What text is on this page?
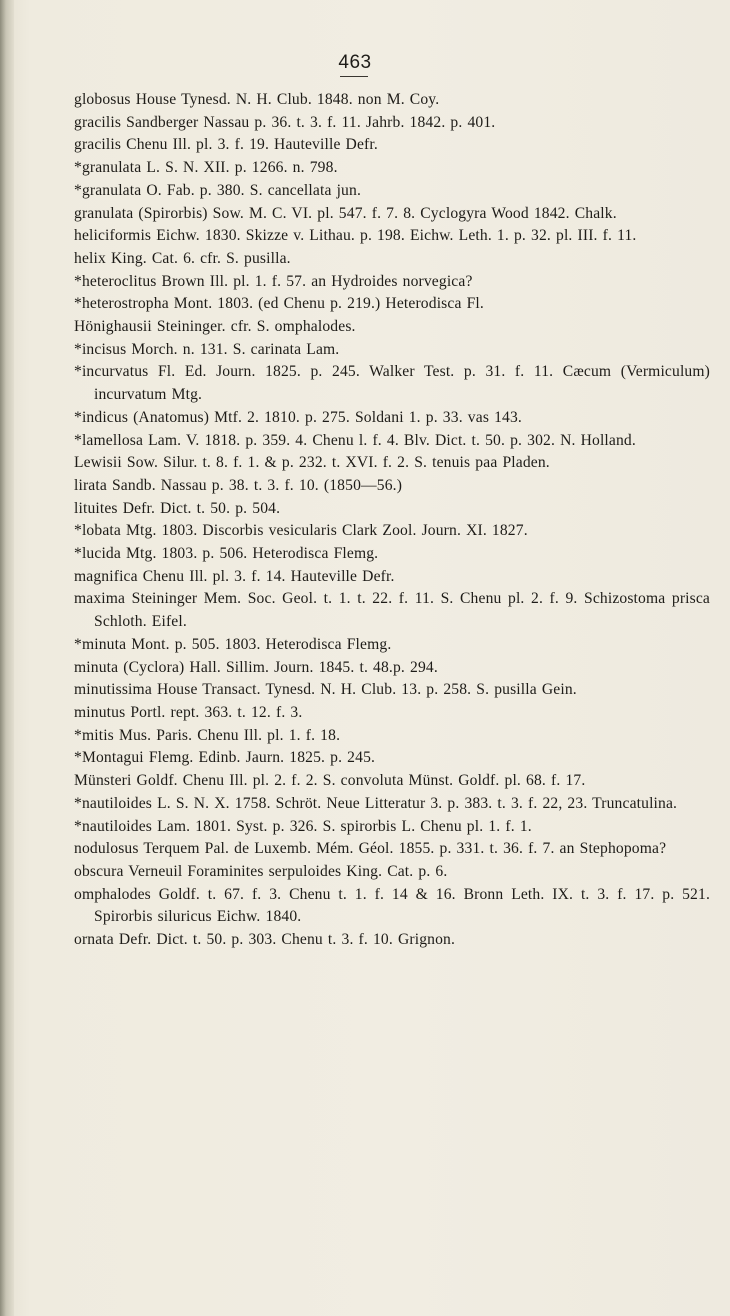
463
globosus House Tynesd. N. H. Club. 1848. non M. Coy.
gracilis Sandberger Nassau p. 36. t. 3. f. 11. Jahrb. 1842. p. 401.
gracilis Chenu Ill. pl. 3. f. 19. Hauteville Defr.
*granulata L. S. N. XII. p. 1266. n. 798.
*granulata O. Fab. p. 380. S. cancellata jun.
granulata (Spirorbis) Sow. M. C. VI. pl. 547. f. 7. 8. Cyclogyra Wood 1842. Chalk.
heliciformis Eichw. 1830. Skizze v. Lithau. p. 198. Eichw. Leth. 1. p. 32. pl. III. f. 11.
helix King. Cat. 6. cfr. S. pusilla.
*heteroclitus Brown Ill. pl. 1. f. 57. an Hydroides norvegica?
*heterostropha Mont. 1803. (ed Chenu p. 219.) Heterodisca Fl.
Hönighausii Steininger. cfr. S. omphalodes.
*incisus Morch. n. 131. S. carinata Lam.
*incurvatus Fl. Ed. Journ. 1825. p. 245. Walker Test. p. 31. f. 11. Cæcum (Vermiculum) incurvatum Mtg.
*indicus (Anatomus) Mtf. 2. 1810. p. 275. Soldani 1. p. 33. vas 143.
*lamellosa Lam. V. 1818. p. 359. 4. Chenu l. f. 4. Blv. Dict. t. 50. p. 302. N. Holland.
Lewisii Sow. Silur. t. 8. f. 1. & p. 232. t. XVI. f. 2. S. tenuis paa Pladen.
lirata Sandb. Nassau p. 38. t. 3. f. 10. (1850—56.)
lituites Defr. Dict. t. 50. p. 504.
*lobata Mtg. 1803. Discorbis vesicularis Clark Zool. Journ. XI. 1827.
*lucida Mtg. 1803. p. 506. Heterodisca Flemg.
magnifica Chenu Ill. pl. 3. f. 14. Hauteville Defr.
maxima Steininger Mem. Soc. Geol. t. 1. t. 22. f. 11. S. Chenu pl. 2. f. 9. Schizostoma prisca Schloth. Eifel.
*minuta Mont. p. 505. 1803. Heterodisca Flemg.
minuta (Cyclora) Hall. Sillim. Journ. 1845. t. 48.p. 294.
minutissima House Transact. Tynesd. N. H. Club. 13. p. 258. S. pusilla Gein.
minutus Portl. rept. 363. t. 12. f. 3.
*mitis Mus. Paris. Chenu Ill. pl. 1. f. 18.
*Montagui Flemg. Edinb. Jaurn. 1825. p. 245.
Münsteri Goldf. Chenu Ill. pl. 2. f. 2. S. convoluta Münst. Goldf. pl. 68. f. 17.
*nautiloides L. S. N. X. 1758. Schröt. Neue Litteratur 3. p. 383. t. 3. f. 22, 23. Truncatulina.
*nautiloides Lam. 1801. Syst. p. 326. S. spirorbis L. Chenu pl. 1. f. 1.
nodulosus Terquem Pal. de Luxemb. Mém. Géol. 1855. p. 331. t. 36. f. 7. an Stephopoma?
obscura Verneuil Foraminites serpuloides King. Cat. p. 6.
omphalodes Goldf. t. 67. f. 3. Chenu t. 1. f. 14 & 16. Bronn Leth. IX. t. 3. f. 17. p. 521. Spirorbis siluricus Eichw. 1840.
ornata Defr. Dict. t. 50. p. 303. Chenu t. 3. f. 10. Grignon.
